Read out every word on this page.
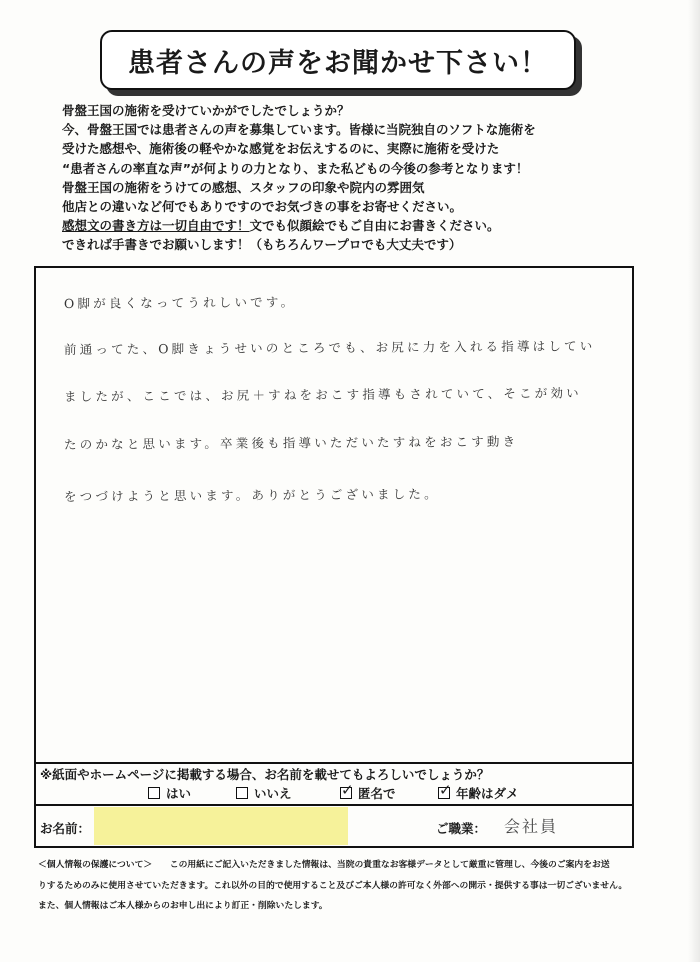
患者さんの声をお聞かせ下さい！
骨盤王国の施術を受けていかがでしたでしょうか？
今、骨盤王国では患者さんの声を募集しています。皆様に当院独自のソフトな施術を
受けた感想や、施術後の軽やかな感覚をお伝えするのに、実際に施術を受けた
“患者さんの率直な声”が何よりの力となり、また私どもの今後の参考となります！
骨盤王国の施術をうけての感想、スタッフの印象や院内の雰囲気
他店との違いなど何でもありですのでお気づきの事をお寄せください。
感想文の書き方は一切自由です！文でも似顔絵でもご自由にお書きください。
できれば手書きでお願いします！（もちろんワープロでも大丈夫です）
O脚が良くなってうれしいです。
前通ってた、O脚きょうせいのところでも、お尻に力を入れる指導はしてい
ましたが、ここでは、お尻＋すねをおこす指導もされていて、そこが効い
たのかなと思います。卒業後も指導いただいたすねをおこす動き
をつづけようと思います。ありがとうございました。
※紙面やホームページに掲載する場合、お名前を載せてもよろしいでしょうか？
はい	いいえ ✓	匿名で ✓	年齢はダメ
お名前：	ご職業： 会社員
＜個人情報の保護について＞　　この用紙にご記入いただきました情報は、当院の貴重なお客様データとして厳重に管理し、今後のご案内をお送
りするためのみに使用させていただきます。これ以外の目的で使用すること及びご本人様の許可なく外部への開示・提供する事は一切ございません。
また、個人情報はご本人様からのお申し出により訂正・削除いたします。
